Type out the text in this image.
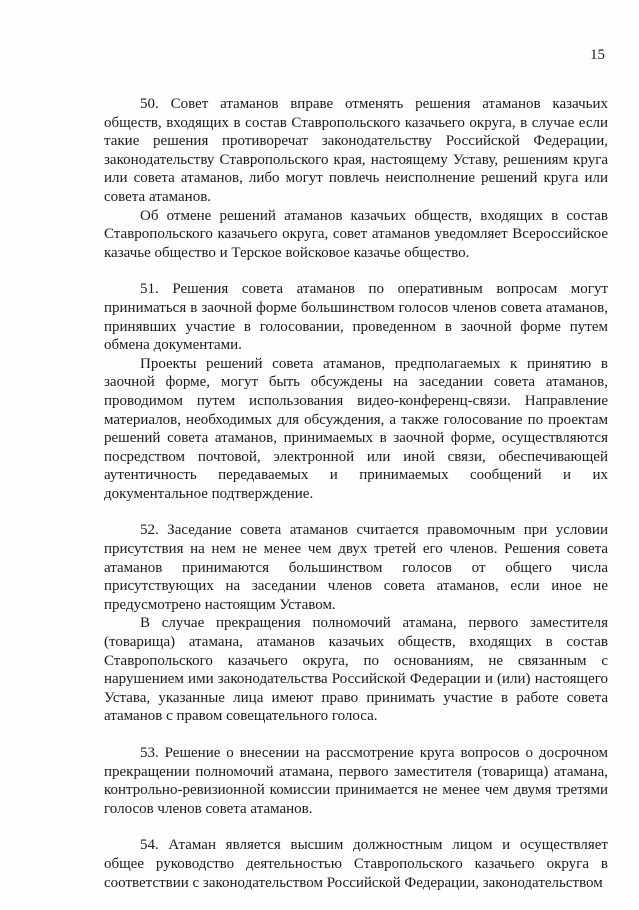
15

50. Совет атаманов вправе отменять решения атаманов казачьих обществ, входящих в состав Ставропольского казачьего округа, в случае если такие решения противоречат законодательству Российской Федерации, законодательству Ставропольского края, настоящему Уставу, решениям круга или совета атаманов, либо могут повлечь неисполнение решений круга или совета атаманов.

Об отмене решений атаманов казачьих обществ, входящих в состав Ставропольского казачьего округа, совет атаманов уведомляет Всероссийское казачье общество и Терское войсковое казачье общество.

51. Решения совета атаманов по оперативным вопросам могут приниматься в заочной форме большинством голосов членов совета атаманов, принявших участие в голосовании, проведенном в заочной форме путем обмена документами.

Проекты решений совета атаманов, предполагаемых к принятию в заочной форме, могут быть обсуждены на заседании совета атаманов, проводимом путем использования видео-конференц-связи. Направление материалов, необходимых для обсуждения, а также голосование по проектам решений совета атаманов, принимаемых в заочной форме, осуществляются посредством почтовой, электронной или иной связи, обеспечивающей аутентичность передаваемых и принимаемых сообщений и их документальное подтверждение.

52. Заседание совета атаманов считается правомочным при условии присутствия на нем не менее чем двух третей его членов. Решения совета атаманов принимаются большинством голосов от общего числа присутствующих на заседании членов совета атаманов, если иное не предусмотрено настоящим Уставом.

В случае прекращения полномочий атамана, первого заместителя (товарища) атамана, атаманов казачьих обществ, входящих в состав Ставропольского казачьего округа, по основаниям, не связанным с нарушением ими законодательства Российской Федерации и (или) настоящего Устава, указанные лица имеют право принимать участие в работе совета атаманов с правом совещательного голоса.

53. Решение о внесении на рассмотрение круга вопросов о досрочном прекращении полномочий атамана, первого заместителя (товарища) атамана, контрольно-ревизионной комиссии принимается не менее чем двумя третями голосов членов совета атаманов.

54. Атаман является высшим должностным лицом и осуществляет общее руководство деятельностью Ставропольского казачьего округа в соответствии с законодательством Российской Федерации, законодательством
